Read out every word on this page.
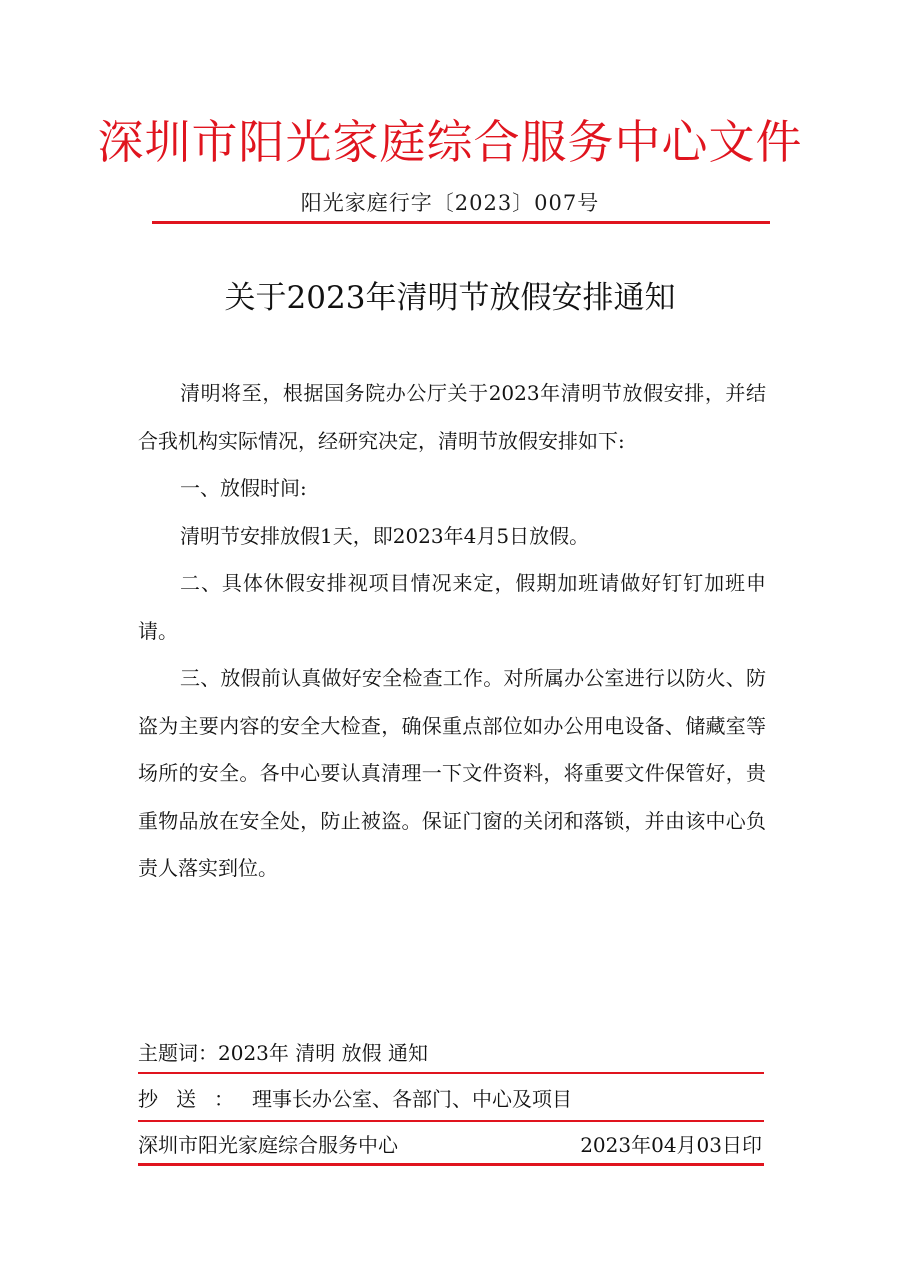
深圳市阳光家庭综合服务中心文件
阳光家庭行字〔2023〕007号
关于2023年清明节放假安排通知

清明将至，根据国务院办公厅关于2023年清明节放假安排，并结合我机构实际情况，经研究决定，清明节放假安排如下:

一、放假时间:

清明节安排放假1天，即2023年4月5日放假。

二、具体休假安排视项目情况来定，假期加班请做好钉钉加班申请。

三、放假前认真做好安全检查工作。对所属办公室进行以防火、防盗为主要内容的安全大检查，确保重点部位如办公用电设备、储藏室等场所的安全。各中心要认真清理一下文件资料，将重要文件保管好，贵重物品放在安全处，防止被盗。保证门窗的关闭和落锁，并由该中心负责人落实到位。

主题词：2023年 清明 放假 通知
抄送：理事长办公室、各部门、中心及项目
深圳市阳光家庭综合服务中心	2023年04月03日印
